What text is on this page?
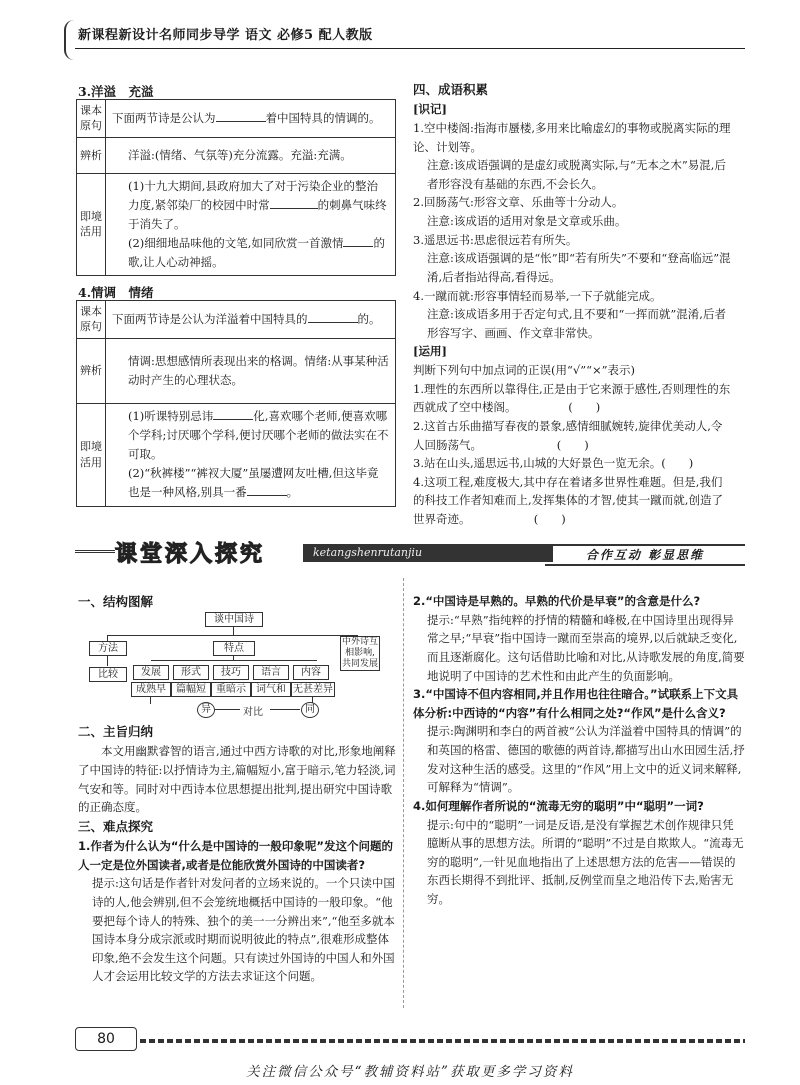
新课程新设计名师同步导学 语文 必修5 配人教版
3.洋溢　充溢
课本原句	下面两节诗是公认为 着中国特具的情调的。
辨析	洋溢:(情绪、气氛等)充分流露。充溢:充满。
即境活用	(1)十九大期间,县政府加大了对于污染企业的整治力度,紧邻染厂的校园中时常 的刺鼻气味终于消失了。
(2)细细地品味他的文笔,如同欣赏一首激情 的歌,让人心动神摇。
4.情调　情绪
课本原句	下面两节诗是公认为洋溢着中国特具的 的。
辨析	情调:思想感情所表现出来的格调。情绪:从事某种活动时产生的心理状态。
即境活用	(1)听课特别忌讳 化,喜欢哪个老师,便喜欢哪个学科;讨厌哪个学科,便讨厌哪个老师的做法实在不可取。
(2)“秋裤楼”“裤衩大厦”虽屡遭网友吐槽,但这毕竟也是一种风格,别具一番 。

四、成语积累

[识记]

1.空中楼阁:指海市蜃楼,多用来比喻虚幻的事物或脱离实际的理论、计划等。

注意:该成语强调的是虚幻或脱离实际,与“无本之木”易混,后者形容没有基础的东西,不会长久。

2.回肠荡气:形容文章、乐曲等十分动人。

注意:该成语的适用对象是文章或乐曲。

3.遥思远书:思虑很远若有所失。

注意:该成语强调的是“怅”即“若有所失”不要和“登高临远”混淆,后者指站得高,看得远。

4.一蹴而就:形容事情轻而易举,一下子就能完成。

注意:该成语多用于否定句式,且不要和“一挥而就”混淆,后者形容写字、画画、作文章非常快。

[运用]

判断下列句中加点词的正误(用“√”“×”表示)

1.理性的东西所以靠得住,正是由于它来源于感性,否则理性的东西就成了空中楼阁。　　　　　(　　)

2.这首古乐曲描写春夜的景象,感情细腻婉转,旋律优美动人,令人回肠荡气。　　　　　　　(　　)

3.站在山头,遥思远书,山城的大好景色一览无余。(　　)

4.这项工程,难度极大,其中存在着诸多世界性难题。但是,我们的科技工作者知难而上,发挥集体的才智,使其一蹴而就,创造了世界奇迹。　　　　　　(　　)

课堂深入探究	ketangshenrutanjiu	合作互动 彰显思维

一、结构图解

谈中国诗
方法
比较
特点
中外诗互相影响,共同发展
发展	形式	技巧	语言	内容
成熟早	篇幅短	重暗示	词气和 无甚差异
异	对比	同

二、主旨归纳

本文用幽默睿智的语言,通过中西方诗歌的对比,形象地阐释了中国诗的特征:以抒情诗为主,篇幅短小,富于暗示,笔力轻淡,词气安和等。同时对中西诗本位思想提出批判,提出研究中国诗歌的正确态度。

三、难点探究

1.作者为什么认为“什么是中国诗的一般印象呢”发这个问题的人一定是位外国读者,或者是位能欣赏外国诗的中国读者?

提示:这句话是作者针对发问者的立场来说的。一个只读中国诗的人,他会辨别,但不会笼统地概括中国诗的一般印象。“他要把每个诗人的特殊、独个的美一一分辨出来”,“他至多就本国诗本身分成宗派或时期而说明彼此的特点”,很难形成整体印象,绝不会发生这个问题。只有读过外国诗的中国人和外国人才会运用比较文学的方法去求证这个问题。

2.“中国诗是早熟的。早熟的代价是早衰”的含意是什么?

提示:“早熟”指纯粹的抒情的精髓和峰极,在中国诗里出现得异常之早;“早衰”指中国诗一蹴而至崇高的境界,以后就缺乏变化,而且逐渐腐化。这句话借助比喻和对比,从诗歌发展的角度,简要地说明了中国诗的艺术性和由此产生的负面影响。

3.“中国诗不但内容相同,并且作用也往往暗合。”试联系上下文具体分析:中西诗的“内容”有什么相同之处?“作风”是什么含义?

提示:陶渊明和李白的两首被“公认为洋溢着中国特具的情调”的和英国的格雷、德国的歌德的两首诗,都描写出山水田园生活,抒发对这种生活的感受。这里的“作风”用上文中的近义词来解释,可解释为“情调”。

4.如何理解作者所说的“流毒无穷的聪明”中“聪明”一词?

提示:句中的“聪明”一词是反语,是没有掌握艺术创作规律只凭臆断从事的思想方法。所谓的“聪明”不过是自欺欺人。“流毒无穷的聪明”,一针见血地指出了上述思想方法的危害——错误的东西长期得不到批评、抵制,反例堂而皇之地沿传下去,贻害无穷。

80
关注微信公众号“教辅资料站”获取更多学习资料
